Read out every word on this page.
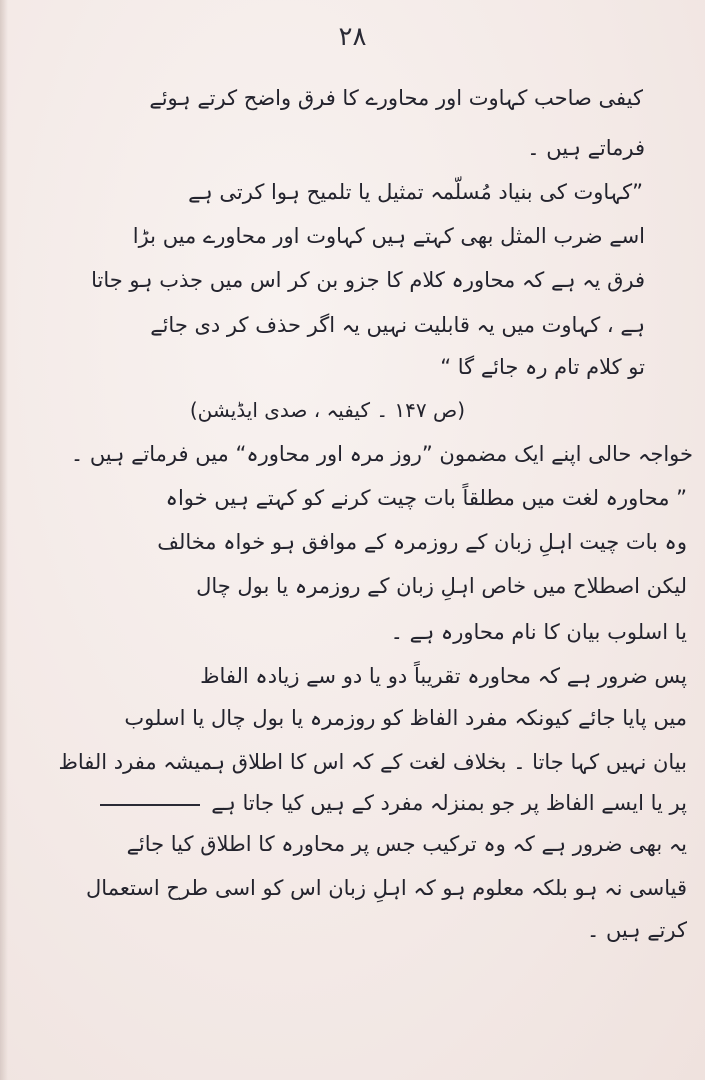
٢٨
کیفی صاحب کہاوت اور محاورے کا فرق واضح کرتے ہوئے
فرماتے ہیں ۔
”کہاوت کی بنیاد مُسلّمہ تمثیل یا تلمیح ہوا کرتی ہے
اسے ضرب المثل بھی کہتے ہیں کہاوت اور محاورے میں بڑا
فرق یہ ہے کہ محاورہ کلام کا جزو بن کر اس میں جذب ہو جاتا
ہے ، کہاوت میں یہ قابلیت نہیں یہ اگر حذف کر دی جائے
تو کلام تام رہ جائے گا “
(ص ۱۴۷ ۔ کیفیہ ، صدی ایڈیشن)
خواجہ حالی اپنے ایک مضمون ”روز مرہ اور محاورہ“ میں فرماتے ہیں ۔
” محاورہ لغت میں مطلقاً بات چیت کرنے کو کہتے ہیں خواہ
وہ بات چیت اہلِ زبان کے روزمرہ کے موافق ہو خواہ مخالف
لیکن اصطلاح میں خاص اہلِ زبان کے روزمرہ یا بول چال
یا اسلوب بیان کا نام محاورہ ہے ۔
پس ضرور ہے کہ محاورہ تقریباً دو یا دو سے زیادہ الفاظ
میں پایا جائے کیونکہ مفرد الفاظ کو روزمرہ یا بول چال یا اسلوب
بیان نہیں کہا جاتا ۔ بخلاف لغت کے کہ اس کا اطلاق ہمیشہ مفرد الفاظ
پر یا ایسے الفاظ پر جو بمنزلہ مفرد کے ہیں کیا جاتا ہے
یہ بھی ضرور ہے کہ وہ ترکیب جس پر محاورہ کا اطلاق کیا جائے
قیاسی نہ ہو بلکہ معلوم ہو کہ اہلِ زبان اس کو اسی طرح استعمال
کرتے ہیں ۔
